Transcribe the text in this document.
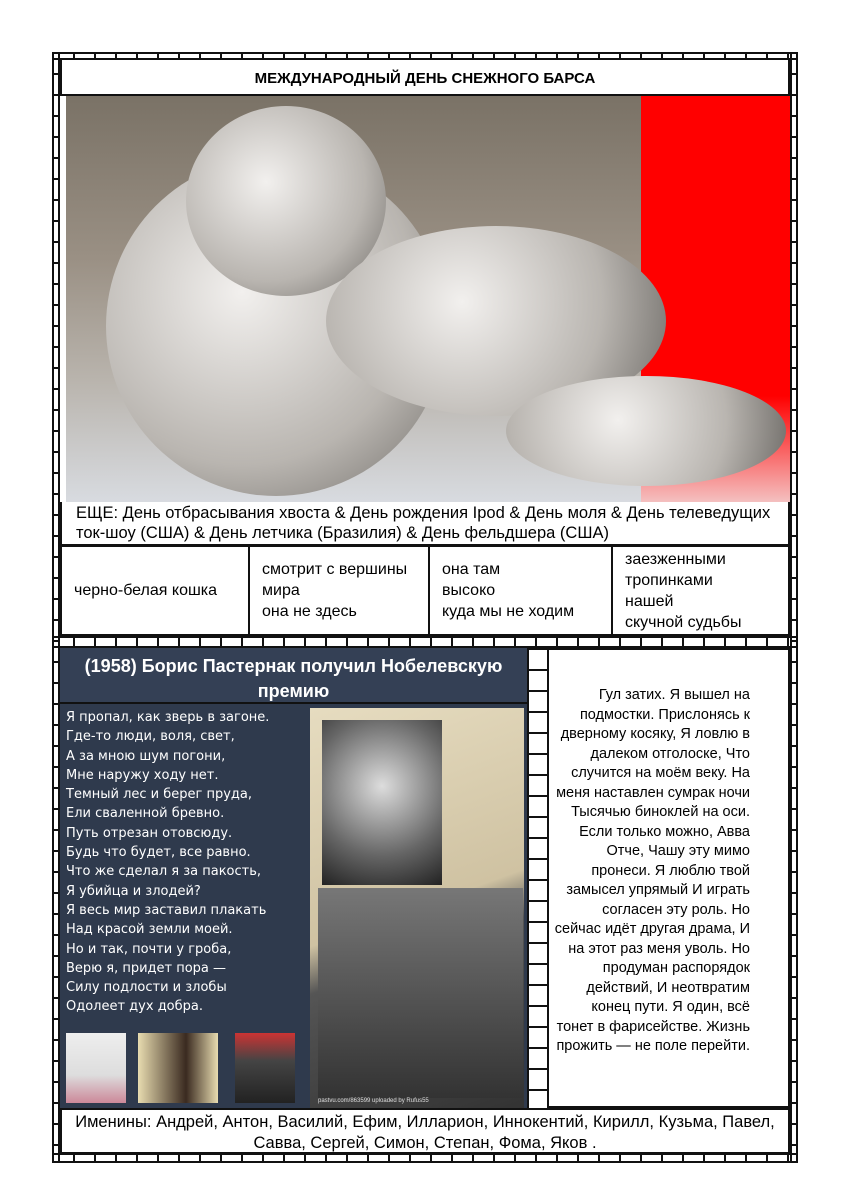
МЕЖДУНАРОДНЫЙ ДЕНЬ СНЕЖНОГО БАРСА
ЕЩЕ: День отбрасывания хвоста & День рождения Ipod & День моля & День телеведущих ток-шоу (США) & День летчика (Бразилия) & День фельдшера (США)
черно-белая кошка
смотрит с вершины
мира
она не здесь
она там
высоко
куда мы не ходим
заезженными
тропинками
нашей
скучной судьбы
(1958) Борис Пастернак получил Нобелевскую премию
Я пропал, как зверь в загоне.
Где-то люди, воля, свет,
А за мною шум погони,
Мне наружу ходу нет.
Темный лес и берег пруда,
Ели сваленной бревно.
Путь отрезан отовсюду.
Будь что будет, все равно.
Что же сделал я за пакость,
Я убийца и злодей?
Я весь мир заставил плакать
Над красой земли моей.
Но и так, почти у гроба,
Верю я, придет пора —
Силу подлости и злобы
Одолеет дух добра.
pastvu.com/863599 uploaded by Rufus55
Гул затих. Я вышел на подмостки. Прислонясь к дверному косяку, Я ловлю в далеком отголоске, Что случится на моём веку. На меня наставлен сумрак ночи Тысячью биноклей на оси. Если только можно, Авва Отче, Чашу эту мимо пронеси. Я люблю твой замысел упрямый И играть согласен эту роль. Но сейчас идёт другая драма, И на этот раз меня уволь. Но продуман распорядок действий, И неотвратим конец пути. Я один, всё тонет в фарисействе. Жизнь прожить — не поле перейти.
Именины: Андрей, Антон, Василий, Ефим, Илларион, Иннокентий, Кирилл, Кузьма, Павел, Савва, Сергей, Симон, Степан, Фома, Яков .
